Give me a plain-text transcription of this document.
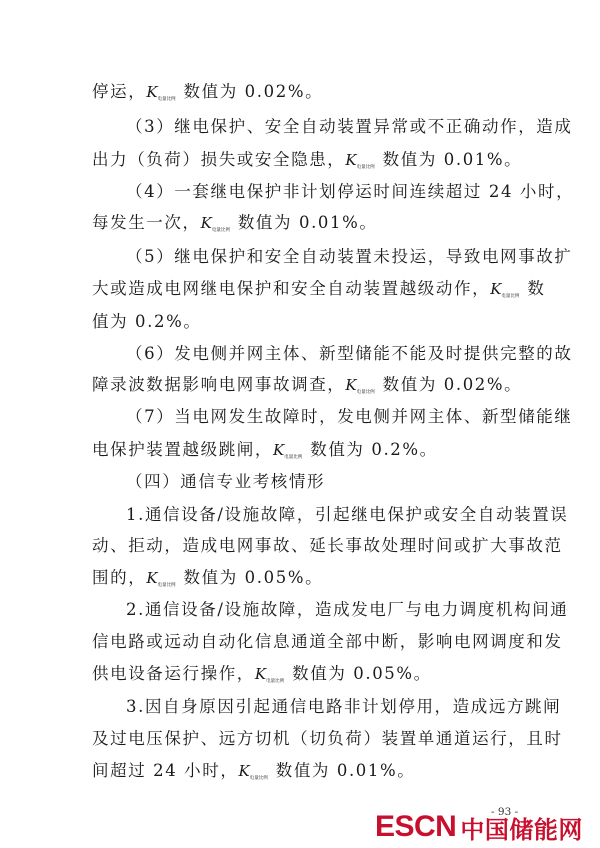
停运，K电量比例 数值为 0.02%。
（3）继电保护、安全自动装置异常或不正确动作，造成
出力（负荷）损失或安全隐患，K电量比例 数值为 0.01%。
（4）一套继电保护非计划停运时间连续超过 24 小时，
每发生一次，K电量比例 数值为 0.01%。
（5）继电保护和安全自动装置未投运，导致电网事故扩
大或造成电网继电保护和安全自动装置越级动作，K电量比例 数
值为 0.2%。
（6）发电侧并网主体、新型储能不能及时提供完整的故
障录波数据影响电网事故调查，K电量比例 数值为 0.02%。
（7）当电网发生故障时，发电侧并网主体、新型储能继
电保护装置越级跳闸，K电量比例 数值为 0.2%。
（四）通信专业考核情形
1.通信设备/设施故障，引起继电保护或安全自动装置误
动、拒动，造成电网事故、延长事故处理时间或扩大事故范
围的，K电量比例 数值为 0.05%。
2.通信设备/设施故障，造成发电厂与电力调度机构间通
信电路或远动自动化信息通道全部中断，影响电网调度和发
供电设备运行操作，K电量比例 数值为 0.05%。
3.因自身原因引起通信电路非计划停用，造成远方跳闸
及过电压保护、远方切机（切负荷）装置单通道运行，且时
间超过 24 小时，K电量比例 数值为 0.01%。
- 93 -
ESCN 中国储能网
